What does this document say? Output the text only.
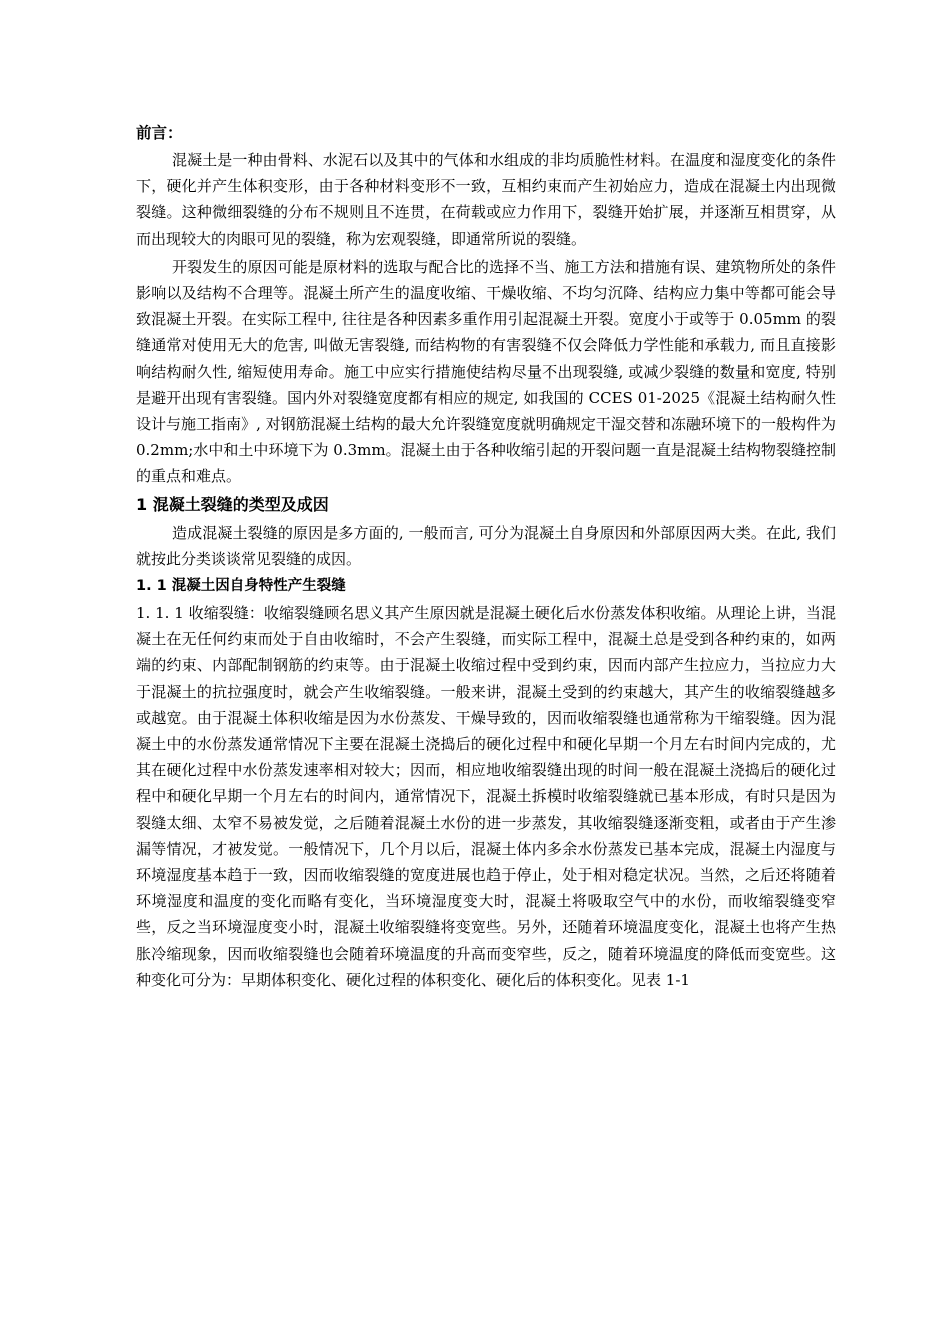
前言：

混凝土是一种由骨料、水泥石以及其中的气体和水组成的非均质脆性材料。在温度和湿度变化的条件下，硬化并产生体积变形，由于各种材料变形不一致，互相约束而产生初始应力，造成在混凝土内出现微裂缝。这种微细裂缝的分布不规则且不连贯，在荷载或应力作用下，裂缝开始扩展，并逐渐互相贯穿，从而出现较大的肉眼可见的裂缝，称为宏观裂缝，即通常所说的裂缝。

开裂发生的原因可能是原材料的选取与配合比的选择不当、施工方法和措施有误、建筑物所处的条件影响以及结构不合理等。混凝土所产生的温度收缩、干燥收缩、不均匀沉降、结构应力集中等都可能会导致混凝土开裂。在实际工程中, 往往是各种因素多重作用引起混凝土开裂。宽度小于或等于 0.05mm 的裂缝通常对使用无大的危害, 叫做无害裂缝, 而结构物的有害裂缝不仅会降低力学性能和承载力, 而且直接影响结构耐久性, 缩短使用寿命。施工中应实行措施使结构尽量不出现裂缝, 或减少裂缝的数量和宽度, 特别是避开出现有害裂缝。国内外对裂缝宽度都有相应的规定, 如我国的 CCES 01-2025《混凝土结构耐久性设计与施工指南》, 对钢筋混凝土结构的最大允许裂缝宽度就明确规定干湿交替和冻融环境下的一般构件为 0.2mm;水中和土中环境下为 0.3mm。混凝土由于各种收缩引起的开裂问题一直是混凝土结构物裂缝控制的重点和难点。

1 混凝土裂缝的类型及成因

造成混凝土裂缝的原因是多方面的, 一般而言, 可分为混凝土自身原因和外部原因两大类。在此, 我们就按此分类谈谈常见裂缝的成因。

1. 1 混凝土因自身特性产生裂缝

1. 1. 1 收缩裂缝：收缩裂缝顾名思义其产生原因就是混凝土硬化后水份蒸发体积收缩。从理论上讲，当混凝土在无任何约束而处于自由收缩时，不会产生裂缝，而实际工程中，混凝土总是受到各种约束的，如两端的约束、内部配制钢筋的约束等。由于混凝土收缩过程中受到约束，因而内部产生拉应力，当拉应力大于混凝土的抗拉强度时，就会产生收缩裂缝。一般来讲，混凝土受到的约束越大，其产生的收缩裂缝越多或越宽。由于混凝土体积收缩是因为水份蒸发、干燥导致的，因而收缩裂缝也通常称为干缩裂缝。因为混凝土中的水份蒸发通常情况下主要在混凝土浇捣后的硬化过程中和硬化早期一个月左右时间内完成的，尤其在硬化过程中水份蒸发速率相对较大；因而，相应地收缩裂缝出现的时间一般在混凝土浇捣后的硬化过程中和硬化早期一个月左右的时间内，通常情况下，混凝土拆模时收缩裂缝就已基本形成，有时只是因为裂缝太细、太窄不易被发觉，之后随着混凝土水份的进一步蒸发，其收缩裂缝逐渐变粗，或者由于产生渗漏等情况，才被发觉。一般情况下，几个月以后，混凝土体内多余水份蒸发已基本完成，混凝土内湿度与环境湿度基本趋于一致，因而收缩裂缝的宽度进展也趋于停止，处于相对稳定状况。当然，之后还将随着环境湿度和温度的变化而略有变化，当环境湿度变大时，混凝土将吸取空气中的水份，而收缩裂缝变窄些，反之当环境湿度变小时，混凝土收缩裂缝将变宽些。另外，还随着环境温度变化，混凝土也将产生热胀冷缩现象，因而收缩裂缝也会随着环境温度的升高而变窄些，反之，随着环境温度的降低而变宽些。这种变化可分为：早期体积变化、硬化过程的体积变化、硬化后的体积变化。见表 1-1
